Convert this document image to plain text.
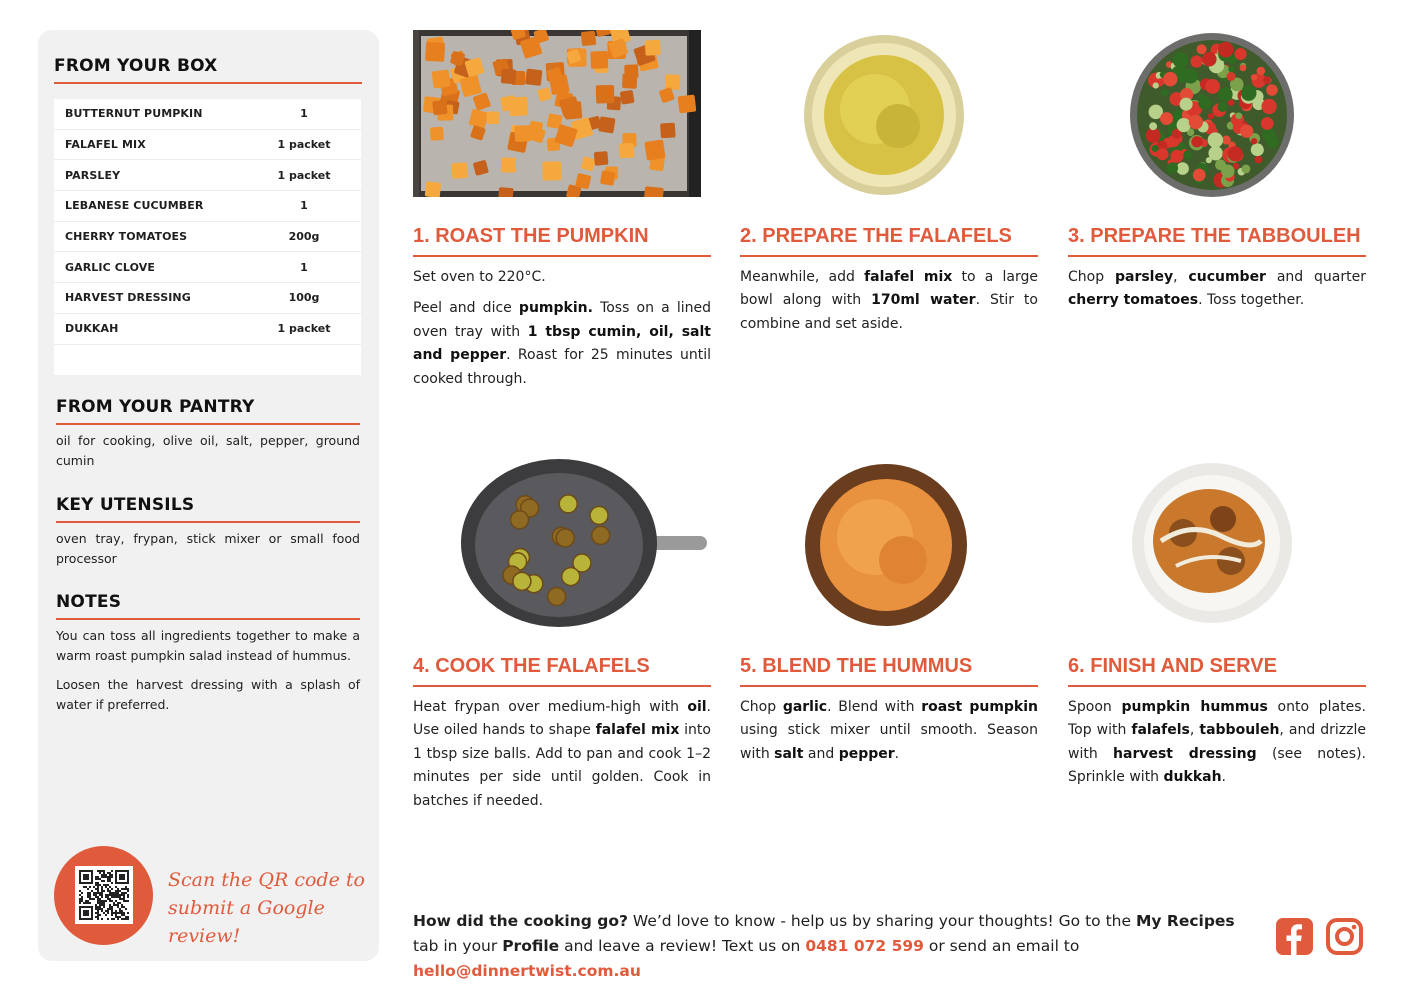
FROM YOUR BOX
BUTTERNUT PUMPKIN	1
FALAFEL MIX	1 packet
PARSLEY	1 packet
LEBANESE CUCUMBER	1
CHERRY TOMATOES	200g
GARLIC CLOVE	1
HARVEST DRESSING	100g
DUKKAH	1 packet
FROM YOUR PANTRY
oil for cooking, olive oil, salt, pepper, ground cumin
KEY UTENSILS
oven tray, frypan, stick mixer or small food processor
NOTES

You can toss all ingredients together to make a warm roast pumpkin salad instead of hummus.

Loosen the harvest dressing with a splash of water if preferred.

Scan the QR code to
submit a Google review!
1. ROAST THE PUMPKIN

Set oven to 220°C.

Peel and dice pumpkin. Toss on a lined oven tray with 1 tbsp cumin, oil, salt and pepper. Roast for 25 minutes until cooked through.

2. PREPARE THE FALAFELS

Meanwhile, add falafel mix to a large bowl along with 170ml water. Stir to combine and set aside.

3. PREPARE THE TABBOULEH

Chop parsley, cucumber and quarter cherry tomatoes. Toss together.

4. COOK THE FALAFELS

Heat frypan over medium-high with oil. Use oiled hands to shape falafel mix into 1 tbsp size balls. Add to pan and cook 1–2 minutes per side until golden. Cook in batches if needed.

5. BLEND THE HUMMUS

Chop garlic. Blend with roast pumpkin using stick mixer until smooth. Season with salt and pepper.

6. FINISH AND SERVE

Spoon pumpkin hummus onto plates. Top with falafels, tabbouleh, and drizzle with harvest dressing (see notes). Sprinkle with dukkah.

How did the cooking go? We’d love to know - help us by sharing your thoughts! Go to the My Recipes tab in your Profile and leave a review! Text us on 0481 072 599 or send an email to hello@dinnertwist.com.au
